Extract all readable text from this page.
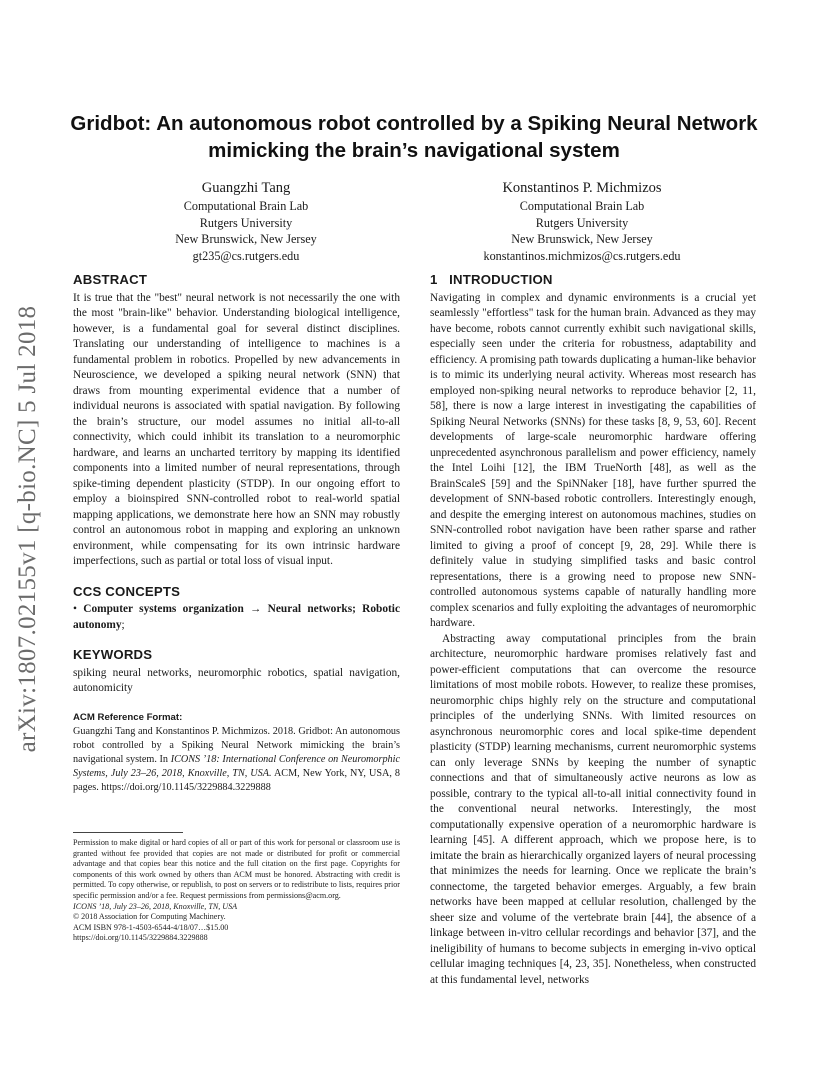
arXiv:1807.02155v1 [q-bio.NC] 5 Jul 2018
Gridbot: An autonomous robot controlled by a Spiking Neural Network mimicking the brain’s navigational system
Guangzhi Tang
Computational Brain Lab
Rutgers University
New Brunswick, New Jersey
gt235@cs.rutgers.edu
Konstantinos P. Michmizos
Computational Brain Lab
Rutgers University
New Brunswick, New Jersey
konstantinos.michmizos@cs.rutgers.edu
ABSTRACT

It is true that the "best" neural network is not necessarily the one with the most "brain-like" behavior. Understanding biological intelligence, however, is a fundamental goal for several distinct disciplines. Translating our understanding of intelligence to machines is a fundamental problem in robotics. Propelled by new advancements in Neuroscience, we developed a spiking neural network (SNN) that draws from mounting experimental evidence that a number of individual neurons is associated with spatial navigation. By following the brain’s structure, our model assumes no initial all-to-all connectivity, which could inhibit its translation to a neuromorphic hardware, and learns an uncharted territory by mapping its identified components into a limited number of neural representations, through spike-timing dependent plasticity (STDP). In our ongoing effort to employ a bioinspired SNN-controlled robot to real-world spatial mapping applications, we demonstrate here how an SNN may robustly control an autonomous robot in mapping and exploring an unknown environment, while compensating for its own intrinsic hardware imperfections, such as partial or total loss of visual input.

CCS CONCEPTS

• Computer systems organization → Neural networks; Robotic autonomy;

KEYWORDS

spiking neural networks, neuromorphic robotics, spatial navigation, autonomicity

ACM Reference Format:

Guangzhi Tang and Konstantinos P. Michmizos. 2018. Gridbot: An autonomous robot controlled by a Spiking Neural Network mimicking the brain’s navigational system. In ICONS ’18: International Conference on Neuromorphic Systems, July 23–26, 2018, Knoxville, TN, USA. ACM, New York, NY, USA, 8 pages. https://doi.org/10.1145/3229884.3229888

Permission to make digital or hard copies of all or part of this work for personal or classroom use is granted without fee provided that copies are not made or distributed for profit or commercial advantage and that copies bear this notice and the full citation on the first page. Copyrights for components of this work owned by others than ACM must be honored. Abstracting with credit is permitted. To copy otherwise, or republish, to post on servers or to redistribute to lists, requires prior specific permission and/or a fee. Request permissions from permissions@acm.org.

ICONS ’18, July 23–26, 2018, Knoxville, TN, USA

© 2018 Association for Computing Machinery.

ACM ISBN 978-1-4503-6544-4/18/07…$15.00

https://doi.org/10.1145/3229884.3229888

1   INTRODUCTION

Navigating in complex and dynamic environments is a crucial yet seamlessly "effortless" task for the human brain. Advanced as they may have become, robots cannot currently exhibit such navigational skills, especially seen under the criteria for robustness, adaptability and efficiency. A promising path towards duplicating a human-like behavior is to mimic its underlying neural activity. Whereas most research has employed non-spiking neural networks to reproduce behavior [2, 11, 58], there is now a large interest in investigating the capabilities of Spiking Neural Networks (SNNs) for these tasks [8, 9, 53, 60]. Recent developments of large-scale neuromorphic hardware offering unprecedented asynchronous parallelism and power efficiency, namely the Intel Loihi [12], the IBM TrueNorth [48], as well as the BrainScaleS [59] and the SpiNNaker [18], have further spurred the development of SNN-based robotic controllers. Interestingly enough, and despite the emerging interest on autonomous machines, studies on SNN-controlled robot navigation have been rather sparse and rather limited to giving a proof of concept [9, 28, 29]. While there is definitely value in studying simplified tasks and basic control representations, there is a growing need to propose new SNN-controlled autonomous systems capable of naturally handling more complex scenarios and fully exploiting the advantages of neuromorphic hardware.

Abstracting away computational principles from the brain architecture, neuromorphic hardware promises relatively fast and power-efficient computations that can overcome the resource limitations of most mobile robots. However, to realize these promises, neuromorphic chips highly rely on the structure and computational principles of the underlying SNNs. With limited resources on asynchronous neuromorphic cores and local spike-time dependent plasticity (STDP) learning mechanisms, current neuromorphic systems can only leverage SNNs by keeping the number of synaptic connections and that of simultaneously active neurons as low as possible, contrary to the typical all-to-all initial connectivity found in the conventional neural networks. Interestingly, the most computationally expensive operation of a neuromorphic hardware is learning [45]. A different approach, which we propose here, is to imitate the brain as hierarchically organized layers of neural processing that minimizes the needs for learning. Once we replicate the brain’s connectome, the targeted behavior emerges. Arguably, a few brain networks have been mapped at cellular resolution, challenged by the sheer size and volume of the vertebrate brain [44], the absence of a linkage between in-vitro cellular recordings and behavior [37], and the ineligibility of humans to become subjects in emerging in-vivo optical cellular imaging techniques [4, 23, 35]. Nonetheless, when constructed at this fundamental level, networks
